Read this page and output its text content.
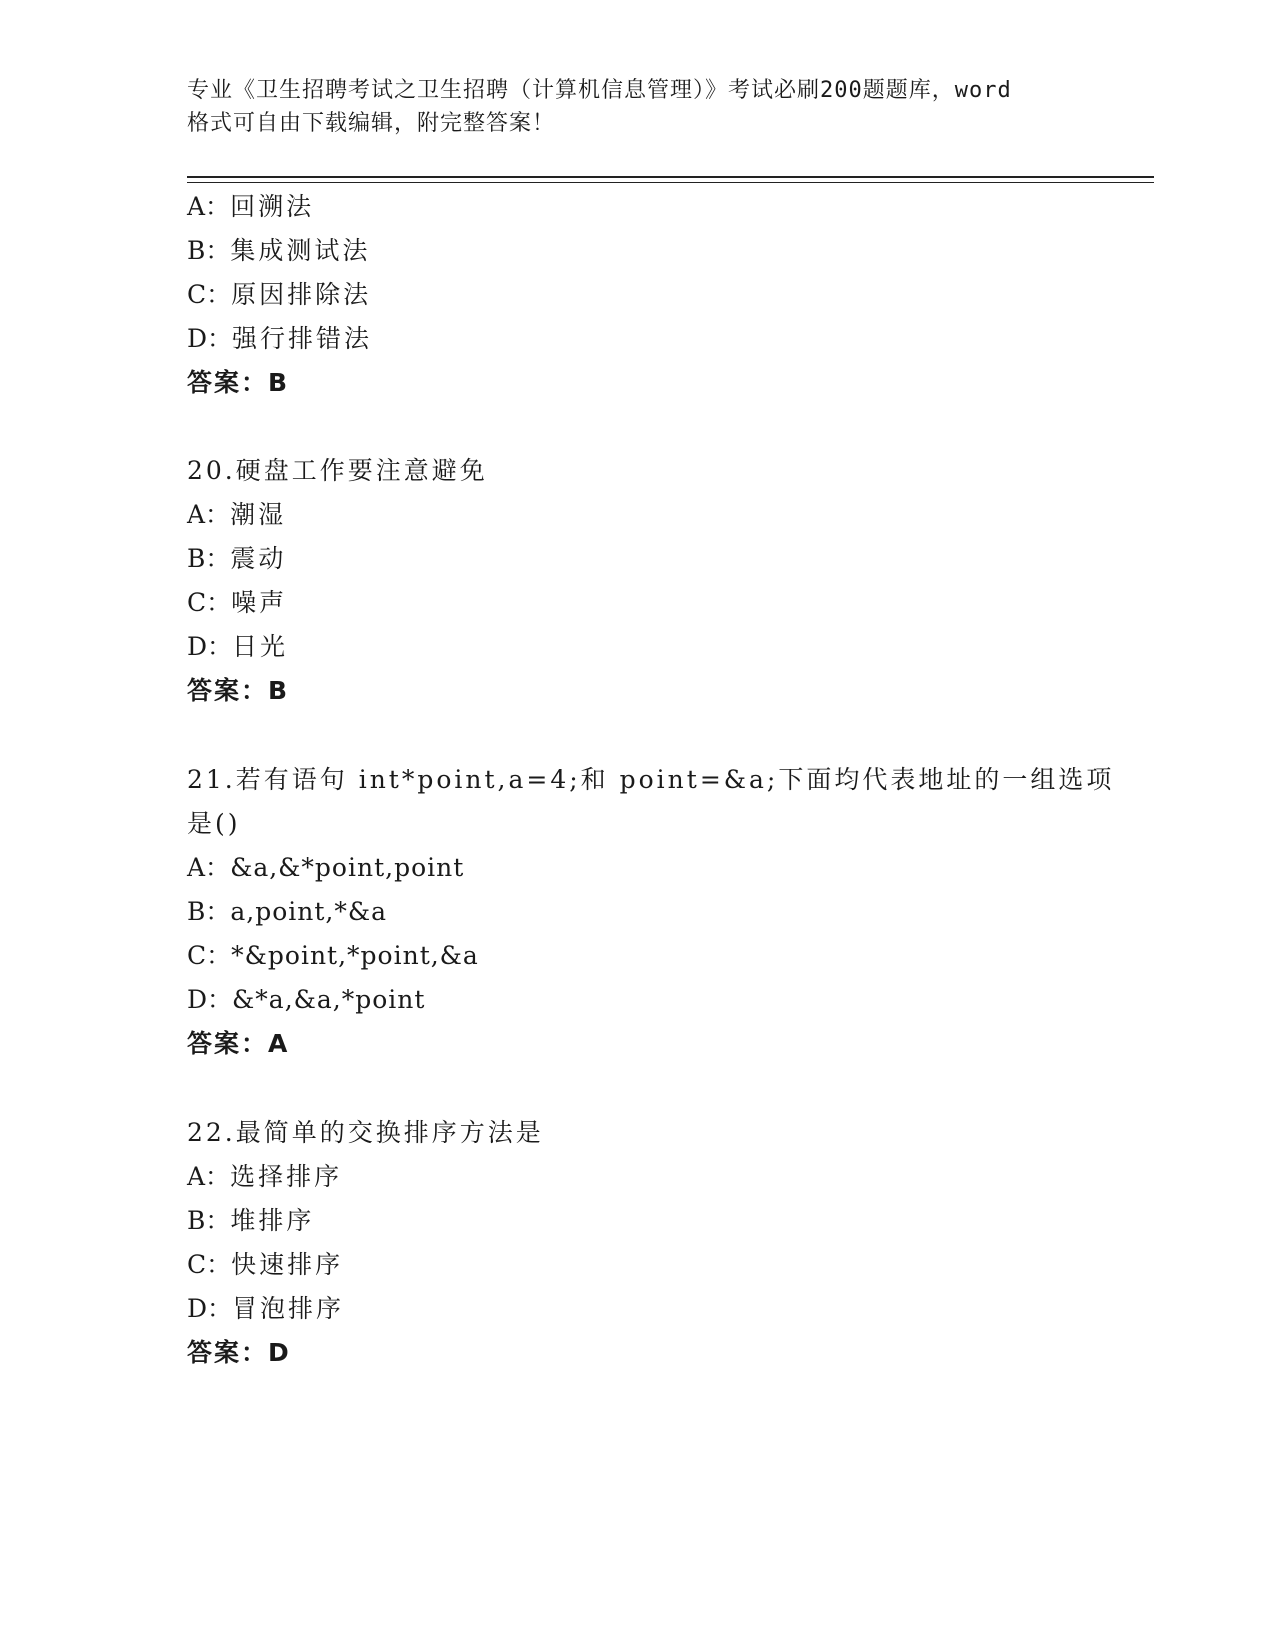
专业《卫生招聘考试之卫生招聘（计算机信息管理）》考试必刷200题题库，word
格式可自由下载编辑，附完整答案！
A：回溯法
B：集成测试法
C：原因排除法
D：强行排错法
答案：B
20.硬盘工作要注意避免
A：潮湿
B：震动
C：噪声
D：日光
答案：B
21.若有语句 int*point,a=4;和 point=&a;下面均代表地址的一组选项
是()
A：&a,&*point,point
B：a,point,*&a
C：*&point,*point,&a
D：&*a,&a,*point
答案：A
22.最简单的交换排序方法是
A：选择排序
B：堆排序
C：快速排序
D：冒泡排序
答案：D
